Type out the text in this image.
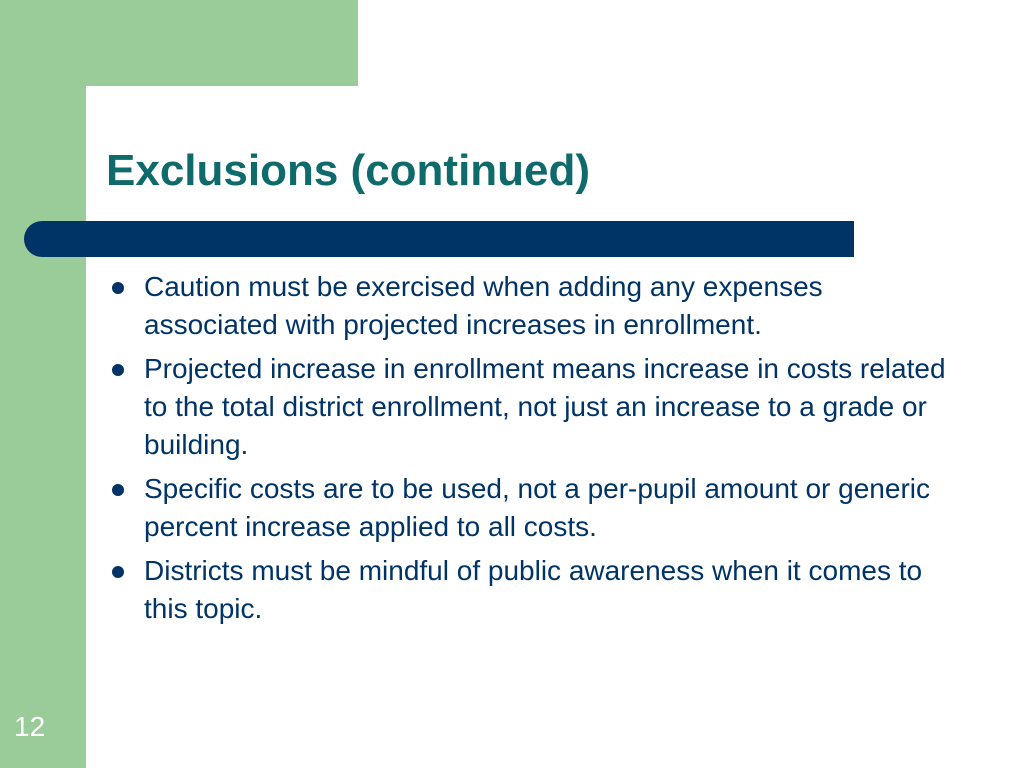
Exclusions (continued)
Caution must be exercised when adding any expenses associated with projected increases in enrollment.
Projected increase in enrollment means increase in costs related to the total district enrollment, not just an increase to a grade or building.
Specific costs are to be used, not a per-pupil amount or generic percent increase applied to all costs.
Districts must be mindful of public awareness when it comes to this topic.
12
